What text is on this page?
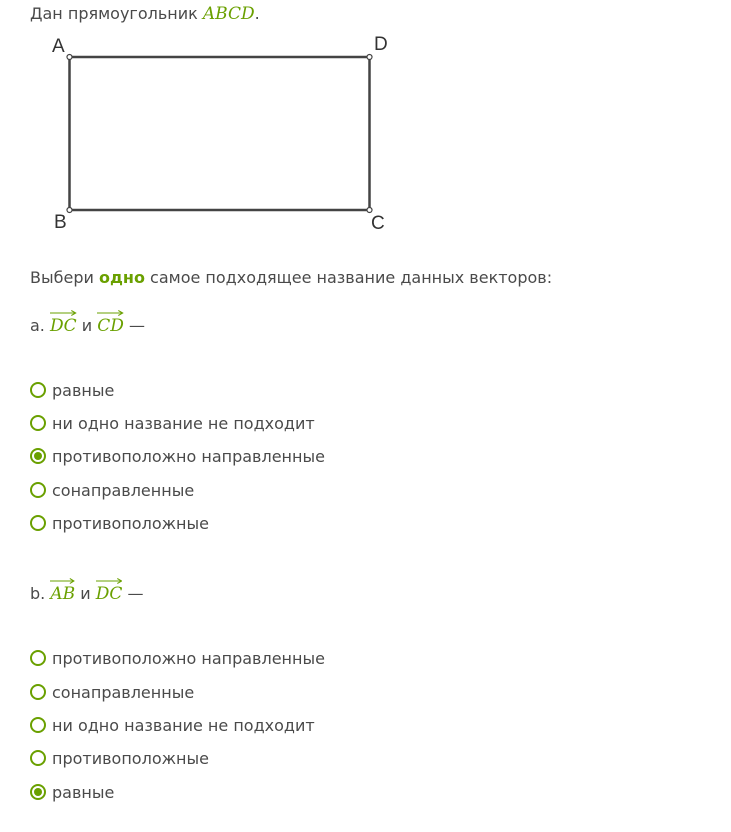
Дан прямоугольник ABCD.
A	D
B	C
Выбери одно самое подходящее название данных векторов:
a. DC и CD —
равные
ни одно название не подходит
противоположно направленные
сонаправленные
противоположные
b. AB и DC —
противоположно направленные
сонаправленные
ни одно название не подходит
противоположные
равные
